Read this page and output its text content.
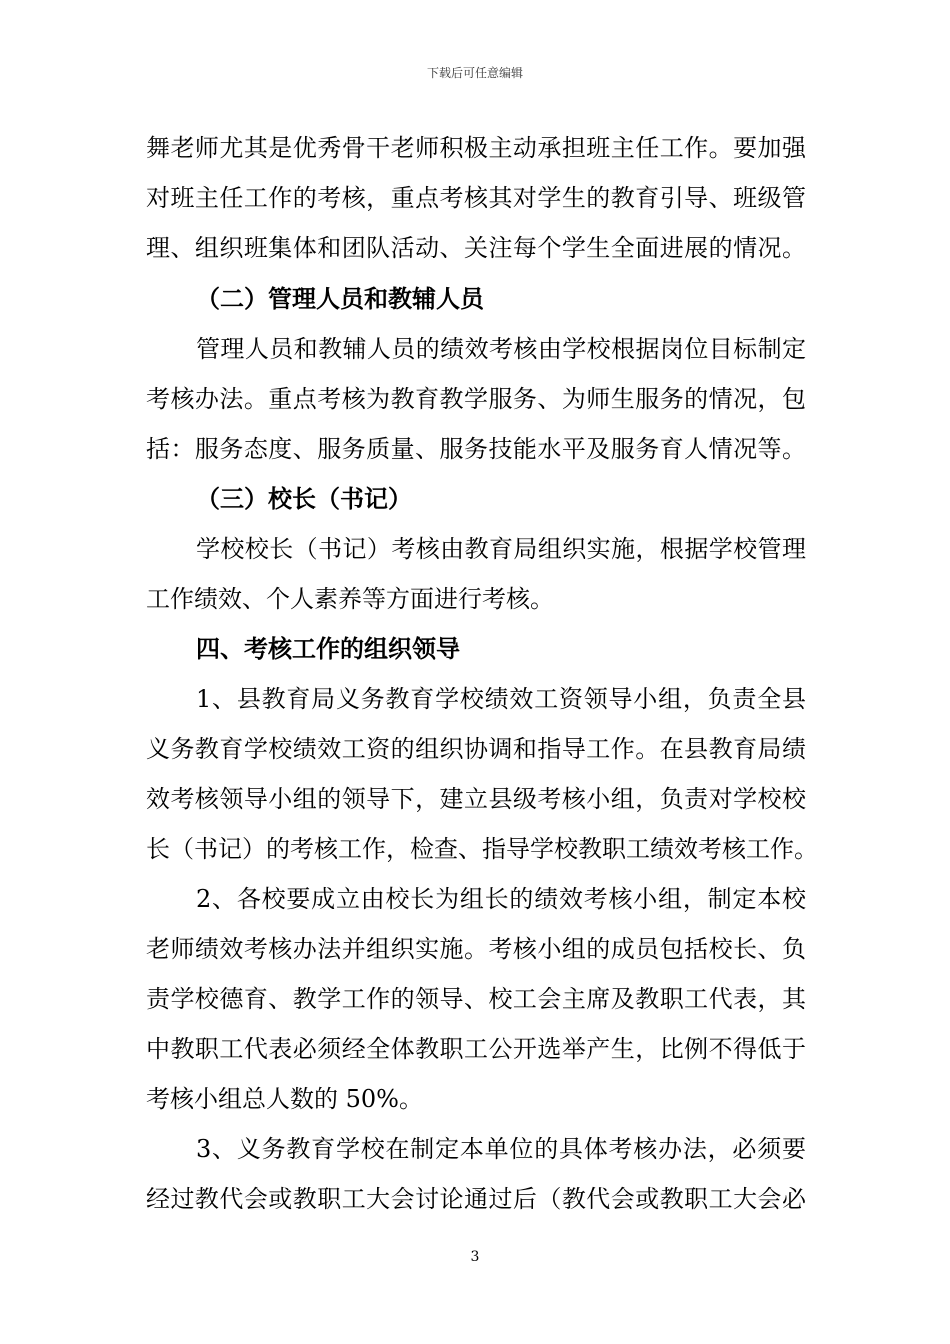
下载后可任意编辑
舞老师尤其是优秀骨干老师积极主动承担班主任工作。要加强
对班主任工作的考核，重点考核其对学生的教育引导、班级管
理、组织班集体和团队活动、关注每个学生全面进展的情况。
（二）管理人员和教辅人员
管理人员和教辅人员的绩效考核由学校根据岗位目标制定
考核办法。重点考核为教育教学服务、为师生服务的情况，包
括：服务态度、服务质量、服务技能水平及服务育人情况等。
（三）校长（书记）
学校校长（书记）考核由教育局组织实施，根据学校管理
工作绩效、个人素养等方面进行考核。
四、考核工作的组织领导
1、县教育局义务教育学校绩效工资领导小组，负责全县
义务教育学校绩效工资的组织协调和指导工作。在县教育局绩
效考核领导小组的领导下，建立县级考核小组，负责对学校校
长（书记）的考核工作，检查、指导学校教职工绩效考核工作。
2、各校要成立由校长为组长的绩效考核小组，制定本校
老师绩效考核办法并组织实施。考核小组的成员包括校长、负
责学校德育、教学工作的领导、校工会主席及教职工代表，其
中教职工代表必须经全体教职工公开选举产生，比例不得低于
考核小组总人数的 50%。
3、义务教育学校在制定本单位的具体考核办法，必须要
经过教代会或教职工大会讨论通过后（教代会或教职工大会必
3
